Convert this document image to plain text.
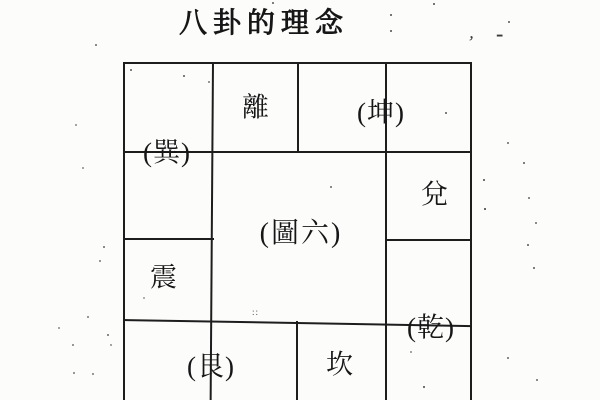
八卦的理念
離	(坤)
(巽)
兌
震
(乾)
(艮)	坎
(圖六)
, -
::
